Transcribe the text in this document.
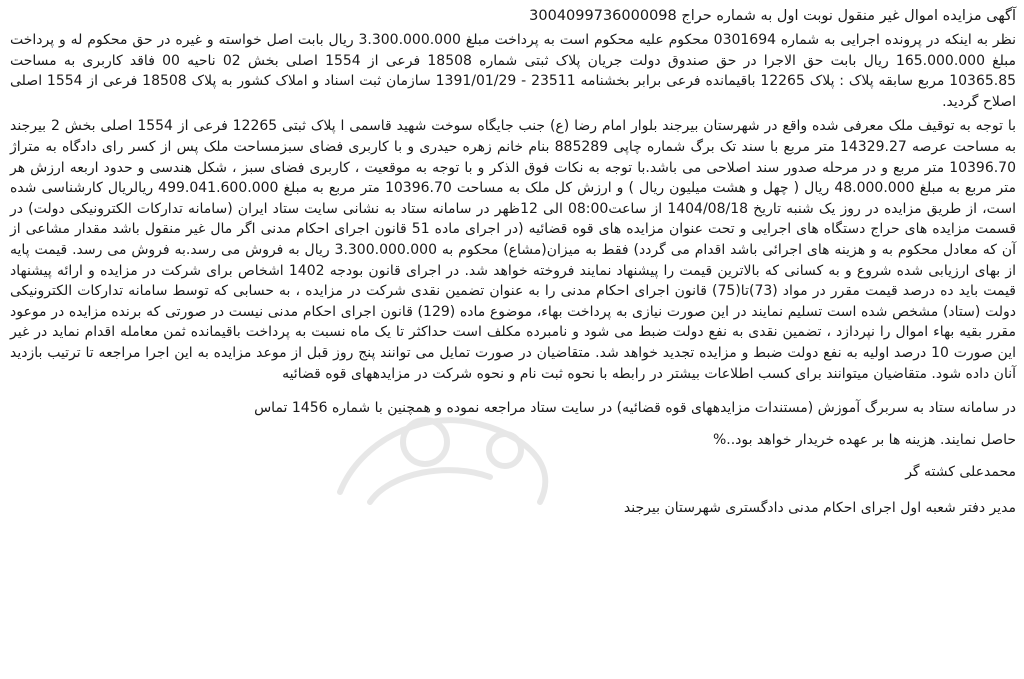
آگهی مزایده اموال غیر منقول نوبت اول به شماره حراج 3004099736000098

نظر به اینکه در پرونده اجرایی به شماره 0301694 محکوم علیه محکوم است به پرداخت مبلغ 3.300.000.000 ریال بابت اصل خواسته و غیره در حق محکوم له و پرداخت مبلغ 165.000.000 ریال بابت حق الاجرا در حق صندوق دولت جریان پلاک ثبتی شماره 18508 فرعی از 1554 اصلی بخش 02 ناحیه 00 فاقد کاربری به مساحت 10365.85 مربع سابقه پلاک : پلاک 12265 باقیمانده فرعی برابر بخشنامه 23511 - 1391/01/29 سازمان ثبت اسناد و املاک کشور به پلاک 18508 فرعی از 1554 اصلی اصلاح گردید.

با توجه به توقیف ملک معرفی شده واقع در شهرستان بیرجند بلوار امام رضا (ع) جنب جایگاه سوخت شهید قاسمی ا پلاک ثبتی 12265 فرعی از 1554 اصلی بخش 2 بیرجند به مساحت عرصه 14329.27 متر مربع با سند تک برگ شماره چاپی 885289 بنام خانم زهره حیدری و با کاربری فضای سبزمساحت ملک پس از کسر رای دادگاه به متراژ 10396.70 متر مربع و در مرحله صدور سند اصلاحی می باشد.با توجه به نکات فوق الذکر و با توجه به موقعیت ، کاربری فضای سبز ، شکل هندسی و حدود اربعه ارزش هر متر مربع به مبلغ 48.000.000 ریال ( چهل و هشت میلیون ریال ) و ارزش کل ملک به مساحت 10396.70 متر مربع به مبلغ 499.041.600.000 ریالریال کارشناسی شده است، از طریق مزایده در روز یک شنبه تاریخ 1404/08/18 از ساعت08:00 الی 12ظهر در سامانه ستاد به نشانی سایت ستاد ایران (سامانه تدارکات الکترونیکی دولت) در قسمت مزایده های حراج دستگاه های اجرایی و تحت عنوان مزایده های قوه قضائیه (در اجرای ماده 51 قانون اجرای احکام مدنی اگر مال غیر منقول باشد مقدار مشاعی از آن که معادل محکوم به و هزینه های اجرائی باشد اقدام می گردد) فقط به میزان(مشاع) محکوم به 3.300.000.000 ریال به فروش می رسد.به فروش می رسد. قیمت پایه از بهای ارزیابی شده شروع و به کسانی که بالاترین قیمت را پیشنهاد نمایند فروخته خواهد شد. در اجرای قانون بودجه 1402 اشخاص برای شرکت در مزایده و ارائه پیشنهاد قیمت باید ده درصد قیمت مقرر در مواد (73)تا(75) قانون اجرای احکام مدنی را به عنوان تضمین نقدی شرکت در مزایده ، به حسابی که توسط سامانه تدارکات الکترونیکی دولت (ستاد) مشخص شده است تسلیم نمایند در این صورت نیازی به پرداخت بهاء، موضوع ماده (129) قانون اجرای احکام مدنی نیست در صورتی که برنده مزایده در موعود مقرر بقیه بهاء اموال را نپردازد ، تضمین نقدی به نفع دولت ضبط می شود و نامبرده مکلف است حداکثر تا یک ماه نسبت به پرداخت باقیمانده ثمن معامله اقدام نماید در غیر این صورت 10 درصد اولیه به نفع دولت ضبط و مزایده تجدید خواهد شد. متقاضیان در صورت تمایل می توانند پنج روز قبل از موعد مزایده به این اجرا مراجعه تا ترتیب بازدید آنان داده شود. متقاضیان میتوانند برای کسب اطلاعات بیشتر در رابطه با نحوه ثبت نام و نحوه شرکت در مزایدههای قوه قضائیه

در سامانه ستاد به سربرگ آموزش (مستندات مزایدههای قوه قضائیه) در سایت ستاد مراجعه نموده و همچنین با شماره 1456 تماس
حاصل نمایند. هزینه ها بر عهده خریدار خواهد بود..%
محمدعلی کشته گر
مدیر دفتر شعبه اول اجرای احکام مدنی دادگستری شهرستان بیرجند
